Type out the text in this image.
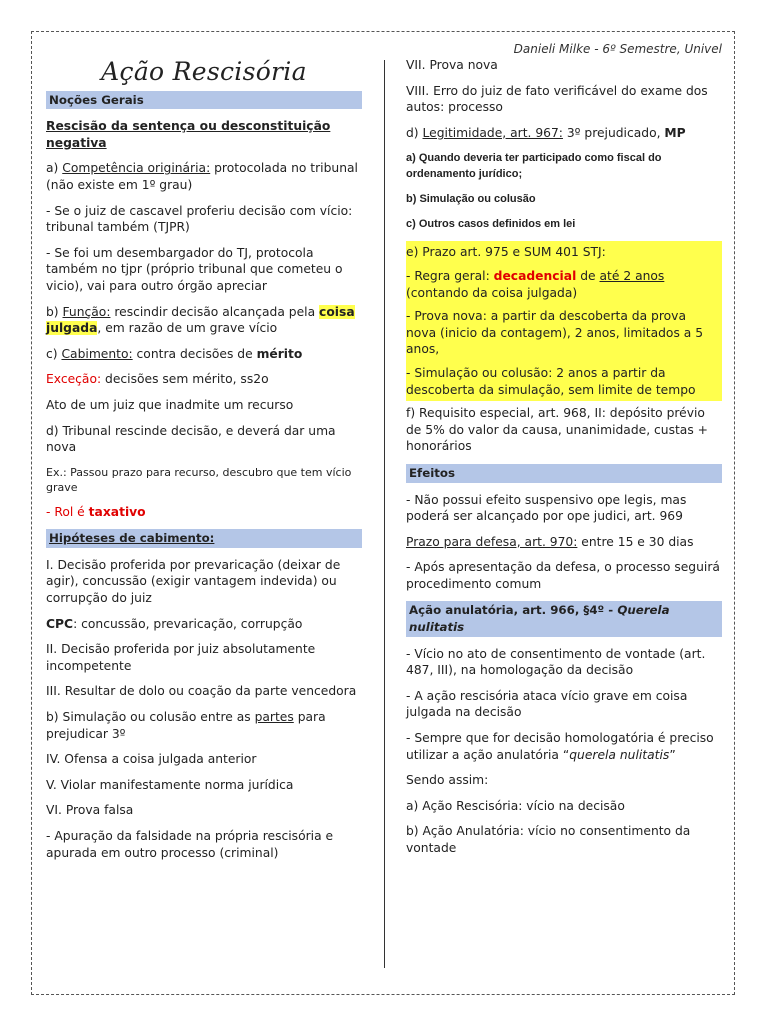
Danieli Milke - 6º Semestre, Univel
Ação Rescisória
Noções Gerais

Rescisão da sentença ou desconstituição negativa

a) Competência originária: protocolada no tribunal (não existe em 1º grau)

- Se o juiz de cascavel proferiu decisão com vício: tribunal também (TJPR)

- Se foi um desembargador do TJ, protocola também no tjpr (próprio tribunal que cometeu o vicio), vai para outro órgão apreciar

b) Função: rescindir decisão alcançada pela coisa julgada, em razão de um grave vício

c) Cabimento: contra decisões de mérito

Exceção: decisões sem mérito, ss2o

Ato de um juiz que inadmite um recurso

d) Tribunal rescinde decisão, e deverá dar uma nova

Ex.: Passou prazo para recurso, descubro que tem vício grave

- Rol é taxativo

Hipóteses de cabimento:

I. Decisão proferida por prevaricação (deixar de agir), concussão (exigir vantagem indevida) ou corrupção do juiz

CPC: concussão, prevaricação, corrupção

II. Decisão proferida por juiz absolutamente incompetente

III. Resultar de dolo ou coação da parte vencedora

b) Simulação ou colusão entre as partes para prejudicar 3º

IV. Ofensa a coisa julgada anterior

V. Violar manifestamente norma jurídica

VI. Prova falsa

- Apuração da falsidade na própria rescisória e apurada em outro processo (criminal)

VII. Prova nova

VIII. Erro do juiz de fato verificável do exame dos autos: processo

d) Legitimidade, art. 967: 3º prejudicado, MP

a) Quando deveria ter participado como fiscal do ordenamento jurídico;

b) Simulação ou colusão

c) Outros casos definidos em lei

e) Prazo art. 975 e SUM 401 STJ:

- Regra geral: decadencial de até 2 anos (contando da coisa julgada)

- Prova nova: a partir da descoberta da prova nova (inicio da contagem), 2 anos, limitados a 5 anos,

- Simulação ou colusão: 2 anos a partir da descoberta da simulação, sem limite de tempo

f) Requisito especial, art. 968, II: depósito prévio de 5% do valor da causa, unanimidade, custas + honorários

Efeitos

- Não possui efeito suspensivo ope legis, mas poderá ser alcançado por ope judici, art. 969

Prazo para defesa, art. 970: entre 15 e 30 dias

- Após apresentação da defesa, o processo seguirá procedimento comum

Ação anulatória, art. 966, §4º - Querela nulitatis

- Vício no ato de consentimento de vontade (art. 487, III), na homologação da decisão

- A ação rescisória ataca vício grave em coisa julgada na decisão

- Sempre que for decisão homologatória é preciso utilizar a ação anulatória “querela nulitatis”

Sendo assim:

a) Ação Rescisória: vício na decisão

b) Ação Anulatória: vício no consentimento da vontade
